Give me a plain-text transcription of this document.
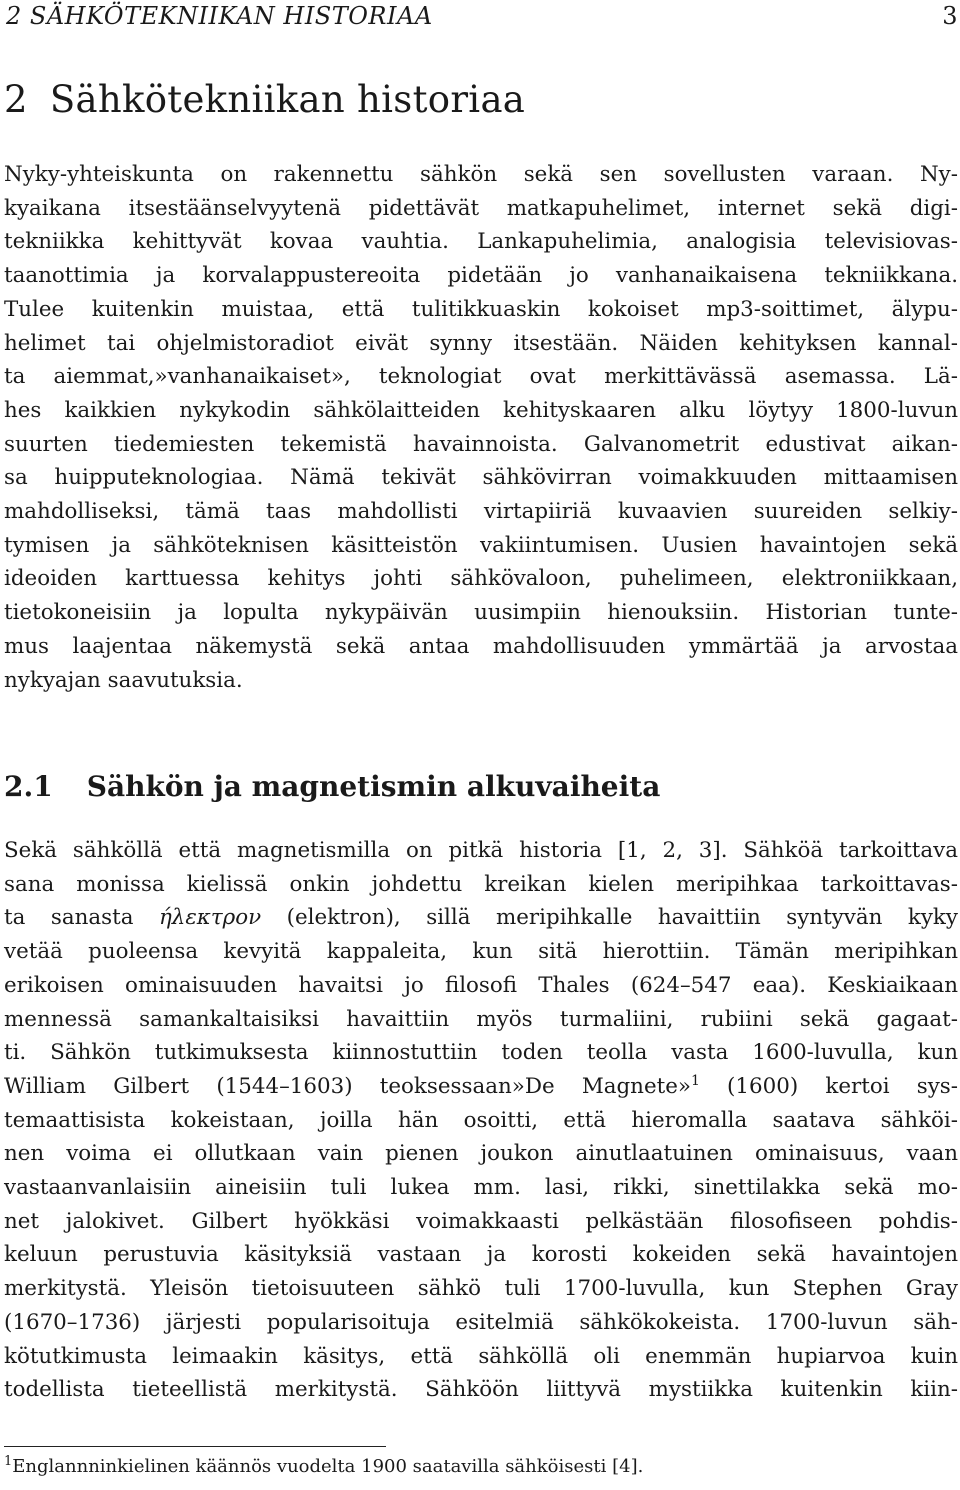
2 SÄHKÖTEKNIIKAN HISTORIAA	3
2 Sähkötekniikan historiaa

Nyky-yhteiskunta on rakennettu sähkön sekä sen sovellusten varaan. Ny-
kyaikana itsestäänselvyytenä pidettävät matkapuhelimet, internet sekä digi-
tekniikka kehittyvät kovaa vauhtia. Lankapuhelimia, analogisia televisiovas-
taanottimia ja korvalappustereoita pidetään jo vanhanaikaisena tekniikkana.
Tulee kuitenkin muistaa, että tulitikkuaskin kokoiset mp3-soittimet, älypu-
helimet tai ohjelmistoradiot eivät synny itsestään. Näiden kehityksen kannal-
ta aiemmat,»vanhanaikaiset», teknologiat ovat merkittävässä asemassa. Lä-
hes kaikkien nykykodin sähkölaitteiden kehityskaaren alku löytyy 1800-luvun
suurten tiedemiesten tekemistä havainnoista. Galvanometrit edustivat aikan-
sa huipputeknologiaa. Nämä tekivät sähkövirran voimakkuuden mittaamisen
mahdolliseksi, tämä taas mahdollisti virtapiiriä kuvaavien suureiden selkiy-
tymisen ja sähköteknisen käsitteistön vakiintumisen. Uusien havaintojen sekä
ideoiden karttuessa kehitys johti sähkövaloon, puhelimeen, elektroniikkaan,
tietokoneisiin ja lopulta nykypäivän uusimpiin hienouksiin. Historian tunte-
mus laajentaa näkemystä sekä antaa mahdollisuuden ymmärtää ja arvostaa
nykyajan saavutuksia.

2.1 Sähkön ja magnetismin alkuvaiheita

Sekä sähköllä että magnetismilla on pitkä historia [1, 2, 3]. Sähköä tarkoittava
sana monissa kielissä onkin johdettu kreikan kielen meripihkaa tarkoittavas-
ta sanasta ήλεκτρον (elektron), sillä meripihkalle havaittiin syntyvän kyky
vetää puoleensa kevyitä kappaleita, kun sitä hierottiin. Tämän meripihkan
erikoisen ominaisuuden havaitsi jo filosofi Thales (624–547 eaa). Keskiaikaan
mennessä samankaltaisiksi havaittiin myös turmaliini, rubiini sekä gagaat-
ti. Sähkön tutkimuksesta kiinnostuttiin toden teolla vasta 1600-luvulla, kun
William Gilbert (1544–1603) teoksessaan»De Magnete»$^1$ (1600) kertoi sys-
temaattisista kokeistaan, joilla hän osoitti, että hieromalla saatava sähköi-
nen voima ei ollutkaan vain pienen joukon ainutlaatuinen ominaisuus, vaan
vastaanvanlaisiin aineisiin tuli lukea mm. lasi, rikki, sinettilakka sekä mo-
net jalokivet. Gilbert hyökkäsi voimakkaasti pelkästään filosofiseen pohdis-
keluun perustuvia käsityksiä vastaan ja korosti kokeiden sekä havaintojen
merkitystä. Yleisön tietoisuuteen sähkö tuli 1700-luvulla, kun Stephen Gray
(1670–1736) järjesti popularisoituja esitelmiä sähkökokeista. 1700-luvun säh-
kötutkimusta leimaakin käsitys, että sähköllä oli enemmän hupiarvoa kuin
todellista tieteellistä merkitystä. Sähköön liittyvä mystiikka kuitenkin kiin-

$^1$Englannninkielinen käännös vuodelta 1900 saatavilla sähköisesti [4].
